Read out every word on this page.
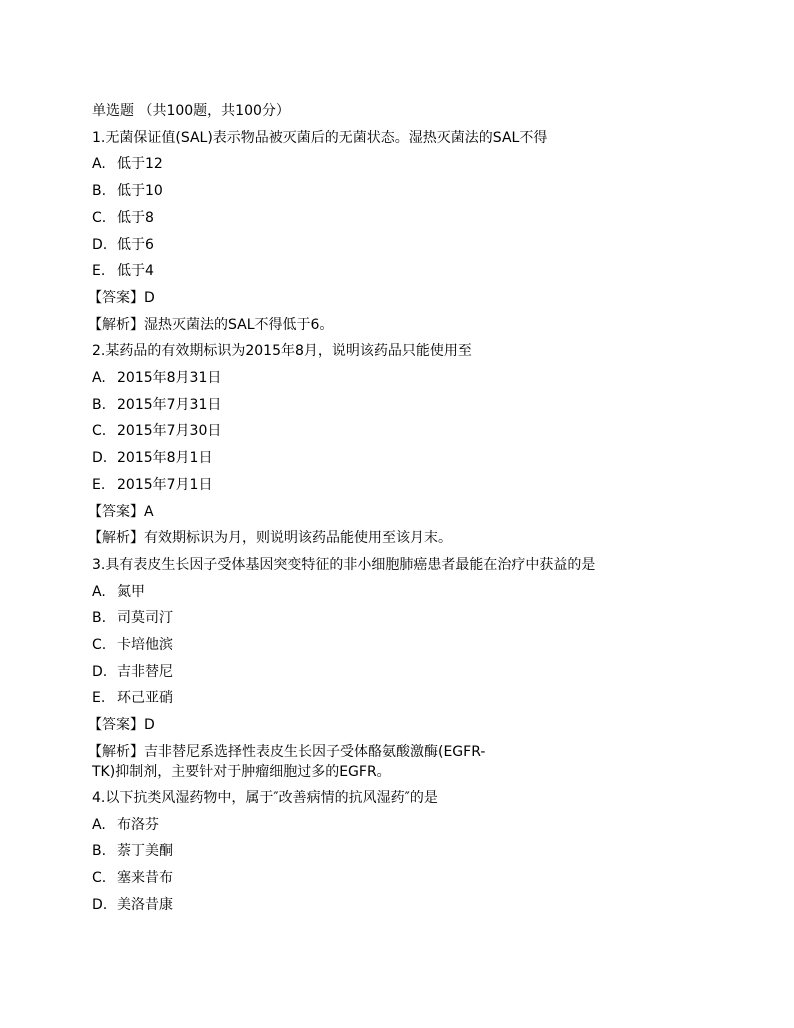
单选题 （共100题，共100分）
1.无菌保证值(SAL)表示物品被灭菌后的无菌状态。湿热灭菌法的SAL不得
A. 低于12
B. 低于10
C. 低于8
D. 低于6
E. 低于4
【答案】 D
【解析】 湿热灭菌法的SAL不得低于6。
2.某药品的有效期标识为2015年8月，说明该药品只能使用至
A. 2015年8月31日
B. 2015年7月31日
C. 2015年7月30日
D. 2015年8月1日
E. 2015年7月1日
【答案】 A
【解析】 有效期标识为月，则说明该药品能使用至该月末。
3.具有表皮生长因子受体基因突变特征的非小细胞肺癌患者最能在治疗中获益的是
A. 氮甲
B. 司莫司汀
C. 卡培他滨
D. 吉非替尼
E. 环己亚硝
【答案】 D
【解析】 吉非替尼系选择性表皮生长因子受体酪氨酸激酶(EGFR-
TK)抑制剂，主要针对于肿瘤细胞过多的EGFR。
4.以下抗类风湿药物中，属于″改善病情的抗风湿药″的是
A. 布洛芬
B. 萘丁美酮
C. 塞来昔布
D. 美洛昔康
